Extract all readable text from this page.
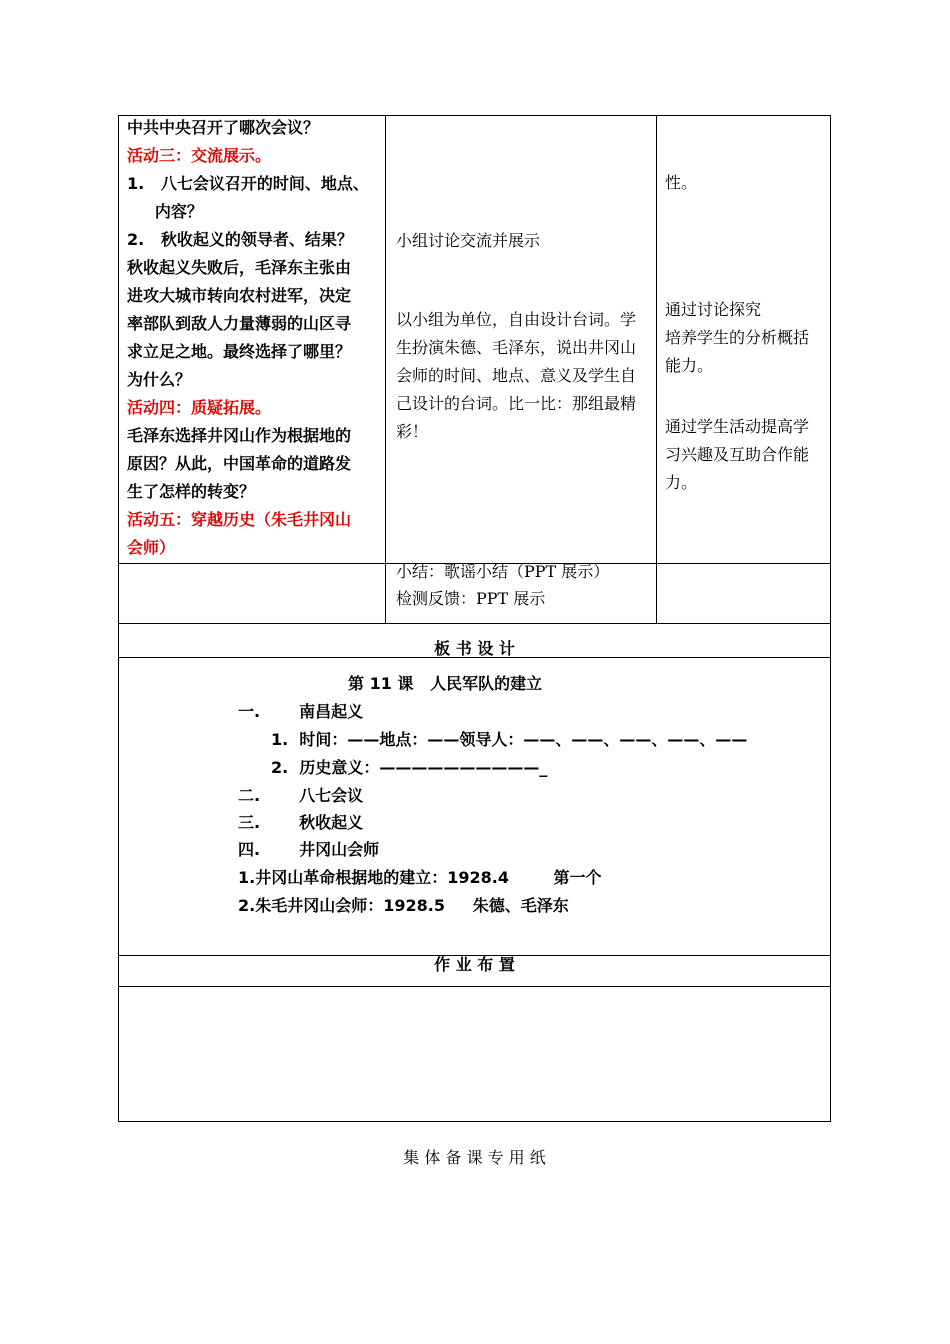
中共中央召开了哪次会议？
活动三：交流展示。
1.   八七会议召开的时间、地点、
内容？
2.   秋收起义的领导者、结果？
秋收起义失败后，毛泽东主张由
进攻大城市转向农村进军，决定
率部队到敌人力量薄弱的山区寻
求立足之地。最终选择了哪里？
为什么？
活动四：质疑拓展。
毛泽东选择井冈山作为根据地的
原因？从此，中国革命的道路发
生了怎样的转变？
活动五：穿越历史（朱毛井冈山
会师）
小组讨论交流并展示
以小组为单位，自由设计台词。学
生扮演朱德、毛泽东，说出井冈山
会师的时间、地点、意义及学生自
己设计的台词。比一比：那组最精
彩！
小结：歌谣小结（PPT 展示）
检测反馈：PPT 展示
性。
通过讨论探究
培养学生的分析概括
能力。
通过学生活动提高学
习兴趣及互助合作能
力。
板 书 设 计
第 11 课   人民军队的建立
一.       南昌起义
1.  时间：——地点：——领导人：——、——、——、——、——
2.  历史意义：——————————_
二.       八七会议
三.       秋收起义
四.       井冈山会师
1.井冈山革命根据地的建立：1928.4        第一个
2.朱毛井冈山会师：1928.5     朱德、毛泽东
作 业 布 置
集 体 备 课 专 用 纸
